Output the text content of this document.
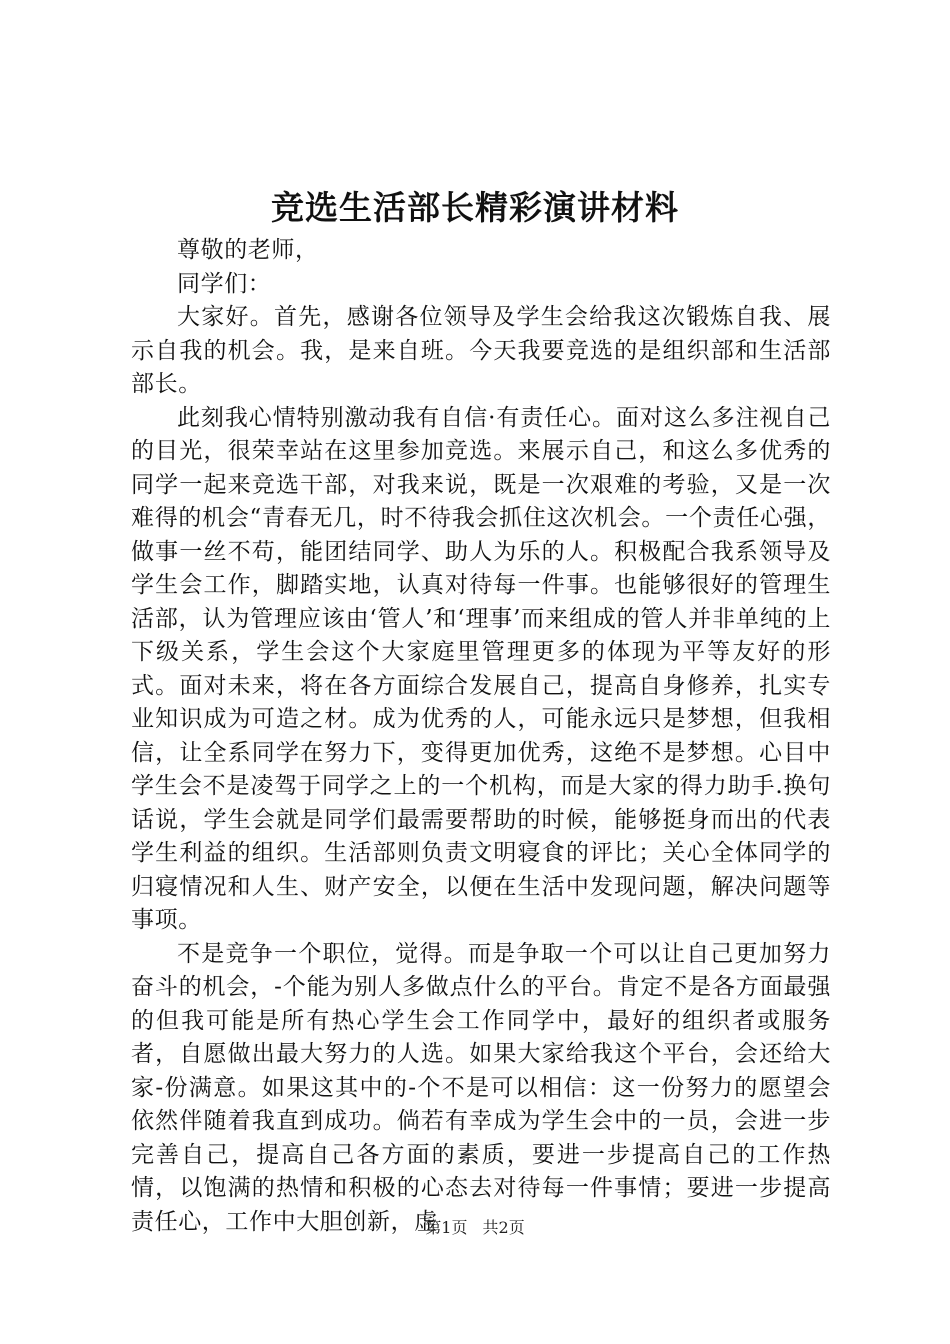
竞选生活部长精彩演讲材料

尊敬的老师，

同学们：

大家好。首先，感谢各位领导及学生会给我这次锻炼自我、展示自我的机会。我，是来自班。今天我要竞选的是组织部和生活部部长。

此刻我心情特别激动我有自信·有责任心。面对这么多注视自己的目光，很荣幸站在这里参加竞选。来展示自己，和这么多优秀的同学一起来竞选干部，对我来说，既是一次艰难的考验，又是一次难得的机会“青春无几，时不待我会抓住这次机会。一个责任心强，做事一丝不苟，能团结同学、助人为乐的人。积极配合我系领导及学生会工作，脚踏实地，认真对待每一件事。也能够很好的管理生活部，认为管理应该由‘管人’和‘理事’而来组成的管人并非单纯的上下级关系，学生会这个大家庭里管理更多的体现为平等友好的形式。面对未来，将在各方面综合发展自己，提高自身修养，扎实专业知识成为可造之材。成为优秀的人，可能永远只是梦想，但我相信，让全系同学在努力下，变得更加优秀，这绝不是梦想。心目中学生会不是凌驾于同学之上的一个机构，而是大家的得力助手.换句话说，学生会就是同学们最需要帮助的时候，能够挺身而出的代表学生利益的组织。生活部则负责文明寝食的评比；关心全体同学的归寝情况和人生、财产安全，以便在生活中发现问题，解决问题等事项。

不是竞争一个职位，觉得。而是争取一个可以让自己更加努力奋斗的机会，-个能为别人多做点什么的平台。肯定不是各方面最强的但我可能是所有热心学生会工作同学中，最好的组织者或服务者，自愿做出最大努力的人选。如果大家给我这个平台，会还给大家-份满意。如果这其中的-个不是可以相信：这一份努力的愿望会依然伴随着我直到成功。倘若有幸成为学生会中的一员，会进一步完善自己，提高自己各方面的素质，要进一步提高自己的工作热情，以饱满的热情和积极的心态去对待每一件事情；要进一步提高责任心，工作中大胆创新，虚

第1页 共2页
